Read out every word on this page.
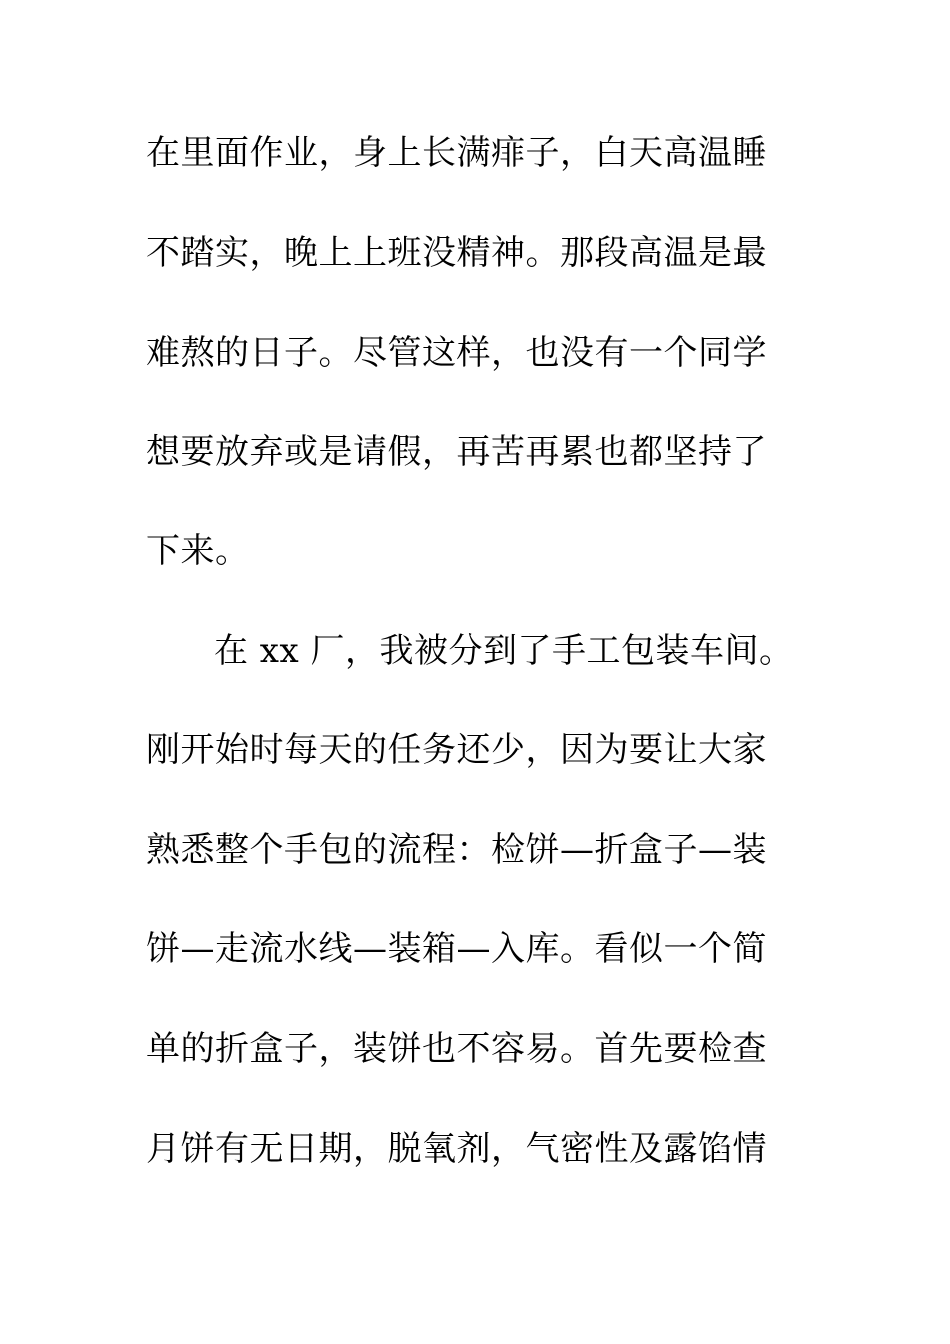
在里面作业，身上长满痱子，白天高温睡
不踏实，晚上上班没精神。那段高温是最
难熬的日子。尽管这样，也没有一个同学
想要放弃或是请假，再苦再累也都坚持了
下来。
在 xx 厂，我被分到了手工包装车间。
刚开始时每天的任务还少，因为要让大家
熟悉整个手包的流程：检饼—折盒子—装
饼—走流水线—装箱—入库。看似一个简
单的折盒子，装饼也不容易。首先要检查
月饼有无日期，脱氧剂，气密性及露馅情
